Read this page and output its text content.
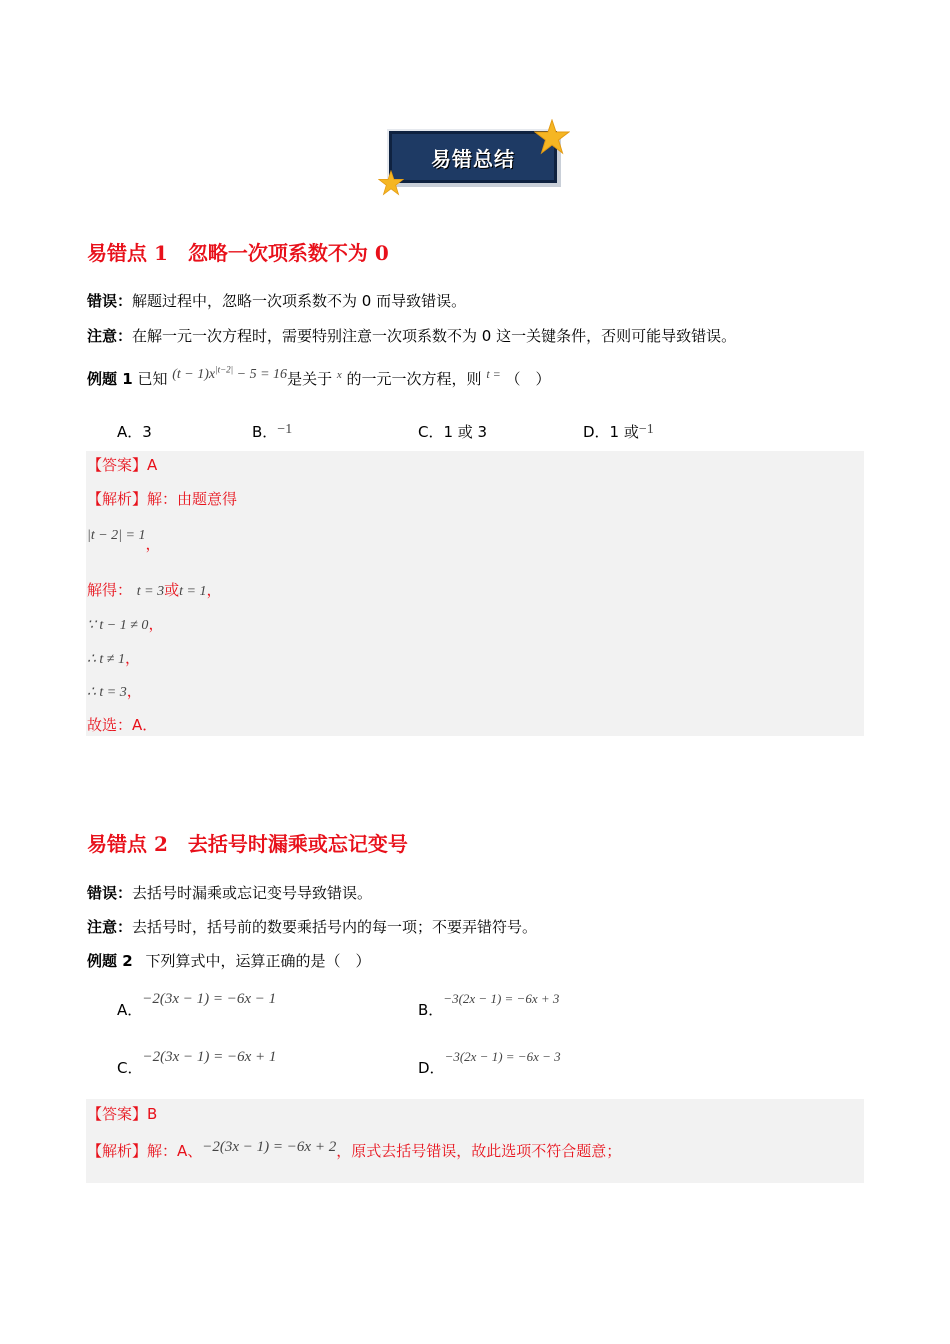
易错总结
易错点 1　忽略一次项系数不为 0
错误：解题过程中，忽略一次项系数不为 0 而导致错误。
注意：在解一元一次方程时，需要特别注意一次项系数不为 0 这一关键条件，否则可能导致错误。
例题 1 已知 $(t - 1)x^{|t-2|} - 5 = 16$是关于 $^x$ 的一元一次方程，则 $^{t =}$ （　）
A．3	B．−1	C．1 或 3	D．1 或−1
【答案】A
【解析】解：由题意得
|t − 2| = 1，
解得： t = 3或t = 1，
∵ t − 1 ≠ 0，
∴ t ≠ 1，
∴ t = 3，
故选：A．
易错点 2　去括号时漏乘或忘记变号
错误：去括号时漏乘或忘记变号导致错误。
注意：去括号时，括号前的数要乘括号内的每一项；不要弄错符号。
例题 2 下列算式中，运算正确的是（　）
A．−2(3x − 1) = −6x − 1
B．−3(2x − 1) = −6x + 3
C．−2(3x − 1) = −6x + 1
D．−3(2x − 1) = −6x − 3
【答案】B
【解析】解：A、−2(3x − 1) = −6x + 2，原式去括号错误，故此选项不符合题意；
